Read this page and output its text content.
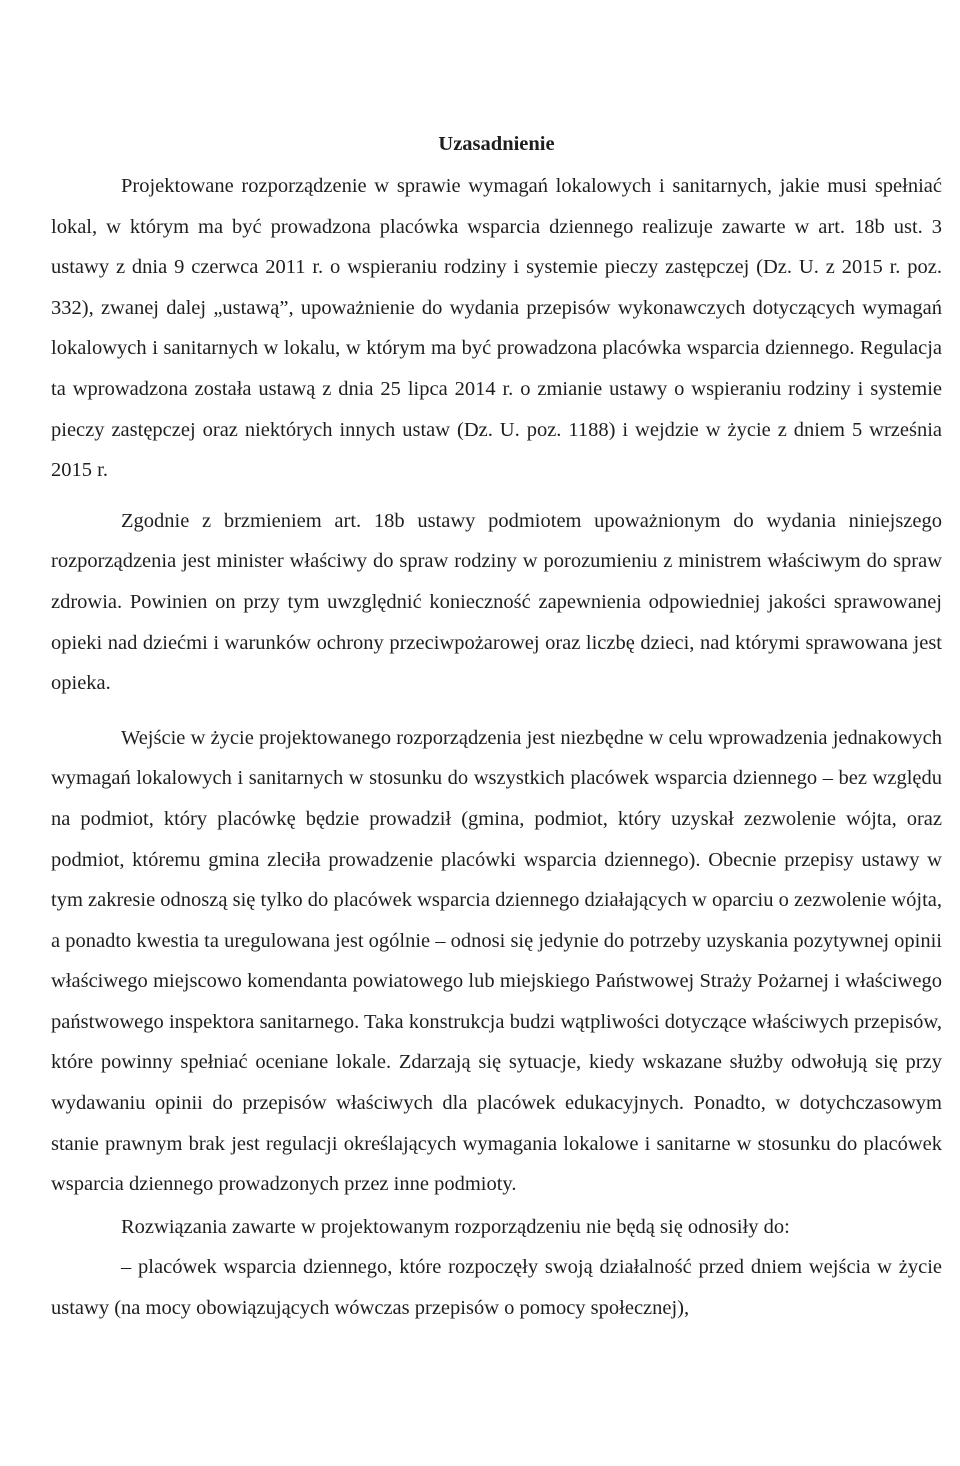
Uzasadnienie

Projektowane rozporządzenie w sprawie wymagań lokalowych i sanitarnych, jakie musi spełniać lokal, w którym ma być prowadzona placówka wsparcia dziennego realizuje zawarte w art. 18b ust. 3 ustawy z dnia 9 czerwca 2011 r. o wspieraniu rodziny i systemie pieczy zastępczej (Dz. U. z 2015 r. poz. 332), zwanej dalej „ustawą”, upoważnienie do wydania przepisów wykonawczych dotyczących wymagań lokalowych i sanitarnych w lokalu, w którym ma być prowadzona placówka wsparcia dziennego. Regulacja ta wprowadzona została ustawą z dnia 25 lipca 2014 r. o zmianie ustawy o wspieraniu rodziny i systemie pieczy zastępczej oraz niektórych innych ustaw (Dz. U. poz. 1188) i wejdzie w życie z dniem 5 września 2015 r.

Zgodnie z brzmieniem art. 18b ustawy podmiotem upoważnionym do wydania niniejszego rozporządzenia jest minister właściwy do spraw rodziny w porozumieniu z ministrem właściwym do spraw zdrowia. Powinien on przy tym uwzględnić konieczność zapewnienia odpowiedniej jakości sprawowanej opieki nad dziećmi i warunków ochrony przeciwpożarowej oraz liczbę dzieci, nad którymi sprawowana jest opieka.

Wejście w życie projektowanego rozporządzenia jest niezbędne w celu wprowadzenia jednakowych wymagań lokalowych i sanitarnych w stosunku do wszystkich placówek wsparcia dziennego – bez względu na podmiot, który placówkę będzie prowadził (gmina, podmiot, który uzyskał zezwolenie wójta, oraz podmiot, któremu gmina zleciła prowadzenie placówki wsparcia dziennego). Obecnie przepisy ustawy w tym zakresie odnoszą się tylko do placówek wsparcia dziennego działających w oparciu o zezwolenie wójta, a ponadto kwestia ta uregulowana jest ogólnie – odnosi się jedynie do potrzeby uzyskania pozytywnej opinii właściwego miejscowo komendanta powiatowego lub miejskiego Państwowej Straży Pożarnej i właściwego państwowego inspektora sanitarnego. Taka konstrukcja budzi wątpliwości dotyczące właściwych przepisów, które powinny spełniać oceniane lokale. Zdarzają się sytuacje, kiedy wskazane służby odwołują się przy wydawaniu opinii do przepisów właściwych dla placówek edukacyjnych. Ponadto, w dotychczasowym stanie prawnym brak jest regulacji określających wymagania lokalowe i sanitarne w stosunku do placówek wsparcia dziennego prowadzonych przez inne podmioty.

Rozwiązania zawarte w projektowanym rozporządzeniu nie będą się odnosiły do:

– placówek wsparcia dziennego, które rozpoczęły swoją działalność przed dniem wejścia w życie ustawy (na mocy obowiązujących wówczas przepisów o pomocy społecznej),
